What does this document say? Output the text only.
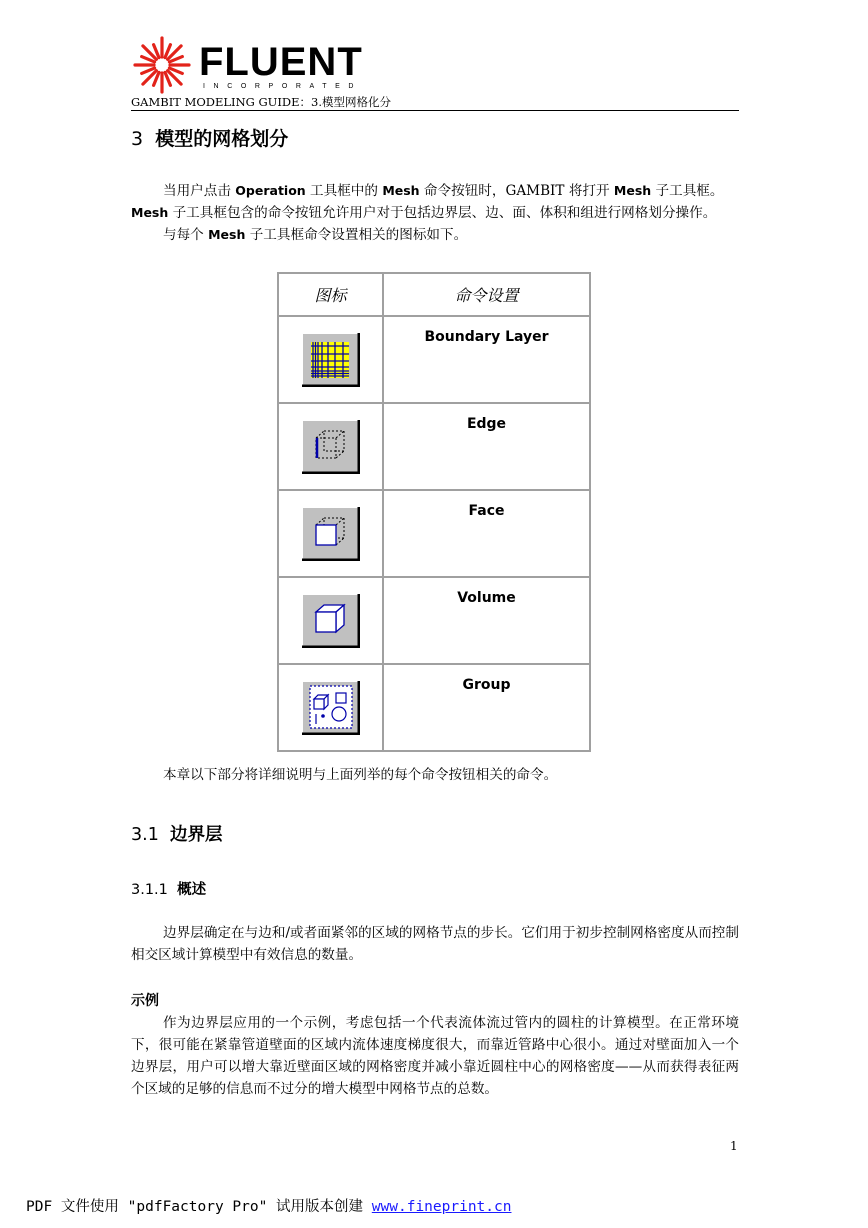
FLUENT
INCORPORATED
GAMBIT MODELING GUIDE：3.模型网格化分
3 模型的网格划分
当用户点击 Operation 工具框中的 Mesh 命令按钮时，GAMBIT 将打开 Mesh 子工具框。
Mesh 子工具框包含的命令按钮允许用户对于包括边界层、边、面、体积和组进行网格划分操作。
与每个 Mesh 子工具框命令设置相关的图标如下。
图标	命令设置
	Boundary Layer
	Edge
	Face
	Volume
	Group
本章以下部分将详细说明与上面列举的每个命令按钮相关的命令。
3.1 边界层
3.1.1 概述
边界层确定在与边和/或者面紧邻的区域的网格节点的步长。它们用于初步控制网格密度从而控制相交区域计算模型中有效信息的数量。
示例
作为边界层应用的一个示例，考虑包括一个代表流体流过管内的圆柱的计算模型。在正常环境下，很可能在紧靠管道壁面的区域内流体速度梯度很大，而靠近管路中心很小。通过对壁面加入一个边界层，用户可以增大靠近壁面区域的网格密度并减小靠近圆柱中心的网格密度——从而获得表征两个区域的足够的信息而不过分的增大模型中网格节点的总数。
1
PDF 文件使用 "pdfFactory Pro" 试用版本创建 www.fineprint.cn
